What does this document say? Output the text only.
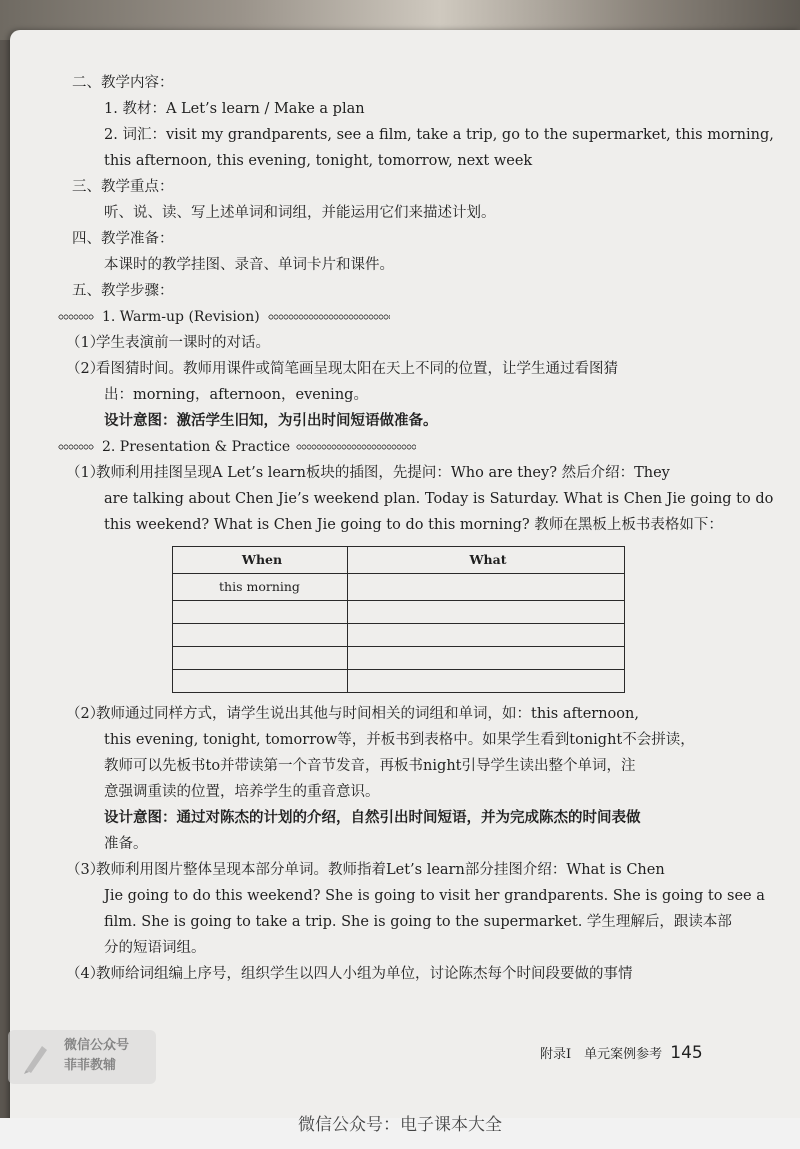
二、教学内容：
1. 教材：A Let’s learn / Make a plan
2. 词汇：visit my grandparents, see a film, take a trip, go to the supermarket, this morning,
this afternoon, this evening, tonight, tomorrow, next week
三、教学重点：
听、说、读、写上述单词和词组，并能运用它们来描述计划。
四、教学准备：
本课时的教学挂图、录音、单词卡片和课件。
五、教学步骤：
1. Warm-up (Revision)
（1）学生表演前一课时的对话。
（2）看图猜时间。教师用课件或简笔画呈现太阳在天上不同的位置，让学生通过看图猜
出：morning，afternoon，evening。
设计意图：激活学生旧知，为引出时间短语做准备。
2. Presentation & Practice
（1）教师利用挂图呈现A Let’s learn板块的插图，先提问：Who are they? 然后介绍：They
are talking about Chen Jie’s weekend plan. Today is Saturday. What is Chen Jie going to do
this weekend? What is Chen Jie going to do this morning? 教师在黑板上板书表格如下：
When	What
this morning	

（2）教师通过同样方式，请学生说出其他与时间相关的词组和单词，如：this afternoon,
this evening, tonight, tomorrow等，并板书到表格中。如果学生看到tonight不会拼读，
教师可以先板书to并带读第一个音节发音，再板书night引导学生读出整个单词，注
意强调重读的位置，培养学生的重音意识。
设计意图：通过对陈杰的计划的介绍，自然引出时间短语，并为完成陈杰的时间表做
准备。
（3）教师利用图片整体呈现本部分单词。教师指着Let’s learn部分挂图介绍：What is Chen
Jie going to do this weekend? She is going to visit her grandparents. She is going to see a
film. She is going to take a trip. She is going to the supermarket. 学生理解后，跟读本部
分的短语词组。
（4）教师给词组编上序号，组织学生以四人小组为单位，讨论陈杰每个时间段要做的事情
附录Ⅰ　单元案例参考 145
微信公众号
菲菲教辅
微信公众号：电子课本大全
